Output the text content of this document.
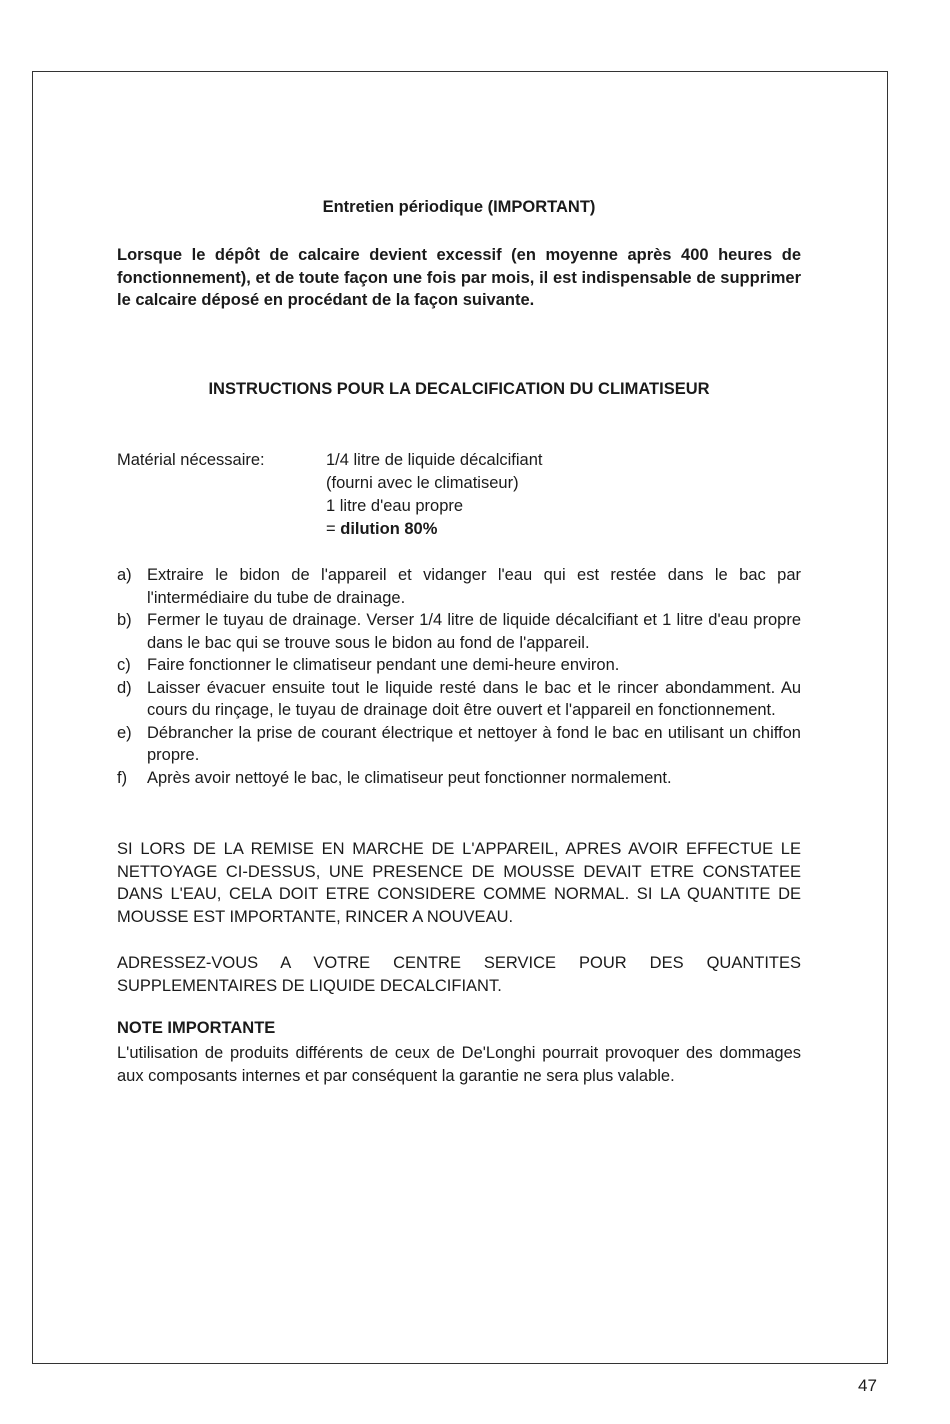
Entretien périodique (IMPORTANT)

Lorsque le dépôt de calcaire devient excessif (en moyenne après 400 heures de fonctionnement), et de toute façon une fois par mois, il est indispensable de supprimer le calcaire déposé en procédant de la façon suivante.

INSTRUCTIONS POUR LA DECALCIFICATION DU CLIMATISEUR
Matérial nécessaire:	1/4 litre de liquide décalcifiant
(fourni avec le climatiseur)
1 litre d'eau propre
= dilution 80%
a) Extraire le bidon de l'appareil et vidanger l'eau qui est restée dans le bac par l'intermédiaire du tube de drainage.
b) Fermer le tuyau de drainage. Verser 1/4 litre de liquide décalcifiant et 1 litre d'eau propre dans le bac qui se trouve sous le bidon au fond de l'appareil.
c) Faire fonctionner le climatiseur pendant une demi-heure environ.
d) Laisser évacuer ensuite tout le liquide resté dans le bac et le rincer abondamment. Au cours du rinçage, le tuyau de drainage doit être ouvert et l'appareil en fonctionnement.
e) Débrancher la prise de courant électrique et nettoyer à fond le bac en utilisant un chiffon propre.
f) Après avoir nettoyé le bac, le climatiseur peut fonctionner normalement.

SI LORS DE LA REMISE EN MARCHE DE L'APPAREIL, APRES AVOIR EFFECTUE LE NETTOYAGE CI-DESSUS, UNE PRESENCE DE MOUSSE DEVAIT ETRE CONSTATEE DANS L'EAU, CELA DOIT ETRE CONSIDERE COMME NORMAL. SI LA QUANTITE DE MOUSSE EST IMPORTANTE, RINCER A NOUVEAU.

ADRESSEZ-VOUS A VOTRE CENTRE SERVICE POUR DES QUANTITES SUPPLEMENTAIRES DE LIQUIDE DECALCIFIANT.

NOTE IMPORTANTE

L'utilisation de produits différents de ceux de De'Longhi pourrait provoquer des dommages aux composants internes et par conséquent la garantie ne sera plus valable.

47
